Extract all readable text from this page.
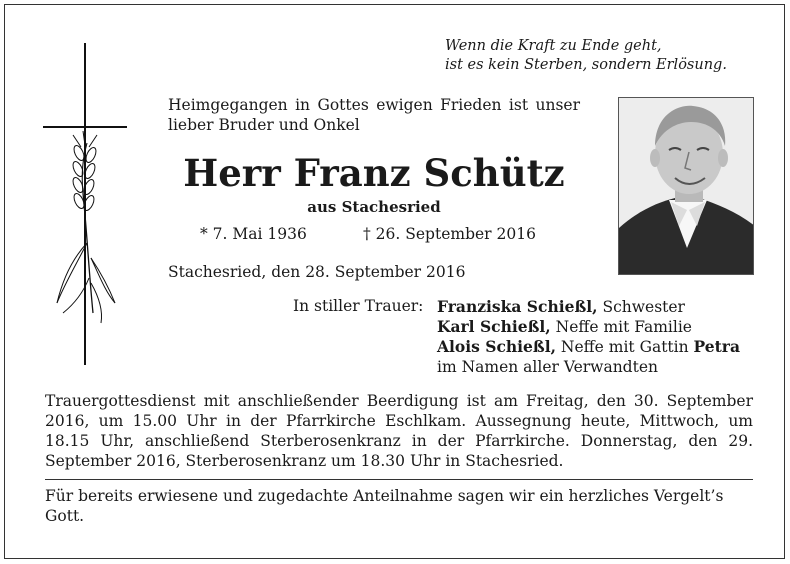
Wenn die Kraft zu Ende geht,
ist es kein Sterben, sondern Erlösung.
Heimgegangen in Gottes ewigen Frieden ist unser lieber Bruder und Onkel
Herr Franz Schütz
aus Stachesried
* 7. Mai 1936	† 26. September 2016
Stachesried, den 28. September 2016
In stiller Trauer: Franziska Schießl, Schwester
Karl Schießl, Neffe mit Familie
Alois Schießl, Neffe mit Gattin Petra
im Namen aller Verwandten
Trauergottesdienst mit anschließender Beerdigung ist am Freitag, den 30. September 2016, um 15.00 Uhr in der Pfarrkirche Eschlkam. Aussegnung heute, Mittwoch, um 18.15 Uhr, anschließend Sterberosenkranz in der Pfarrkirche. Donnerstag, den 29. September 2016, Sterberosenkranz um 18.30 Uhr in Stachesried.
Für bereits erwiesene und zugedachte Anteilnahme sagen wir ein herzliches Vergelt’s Gott.
